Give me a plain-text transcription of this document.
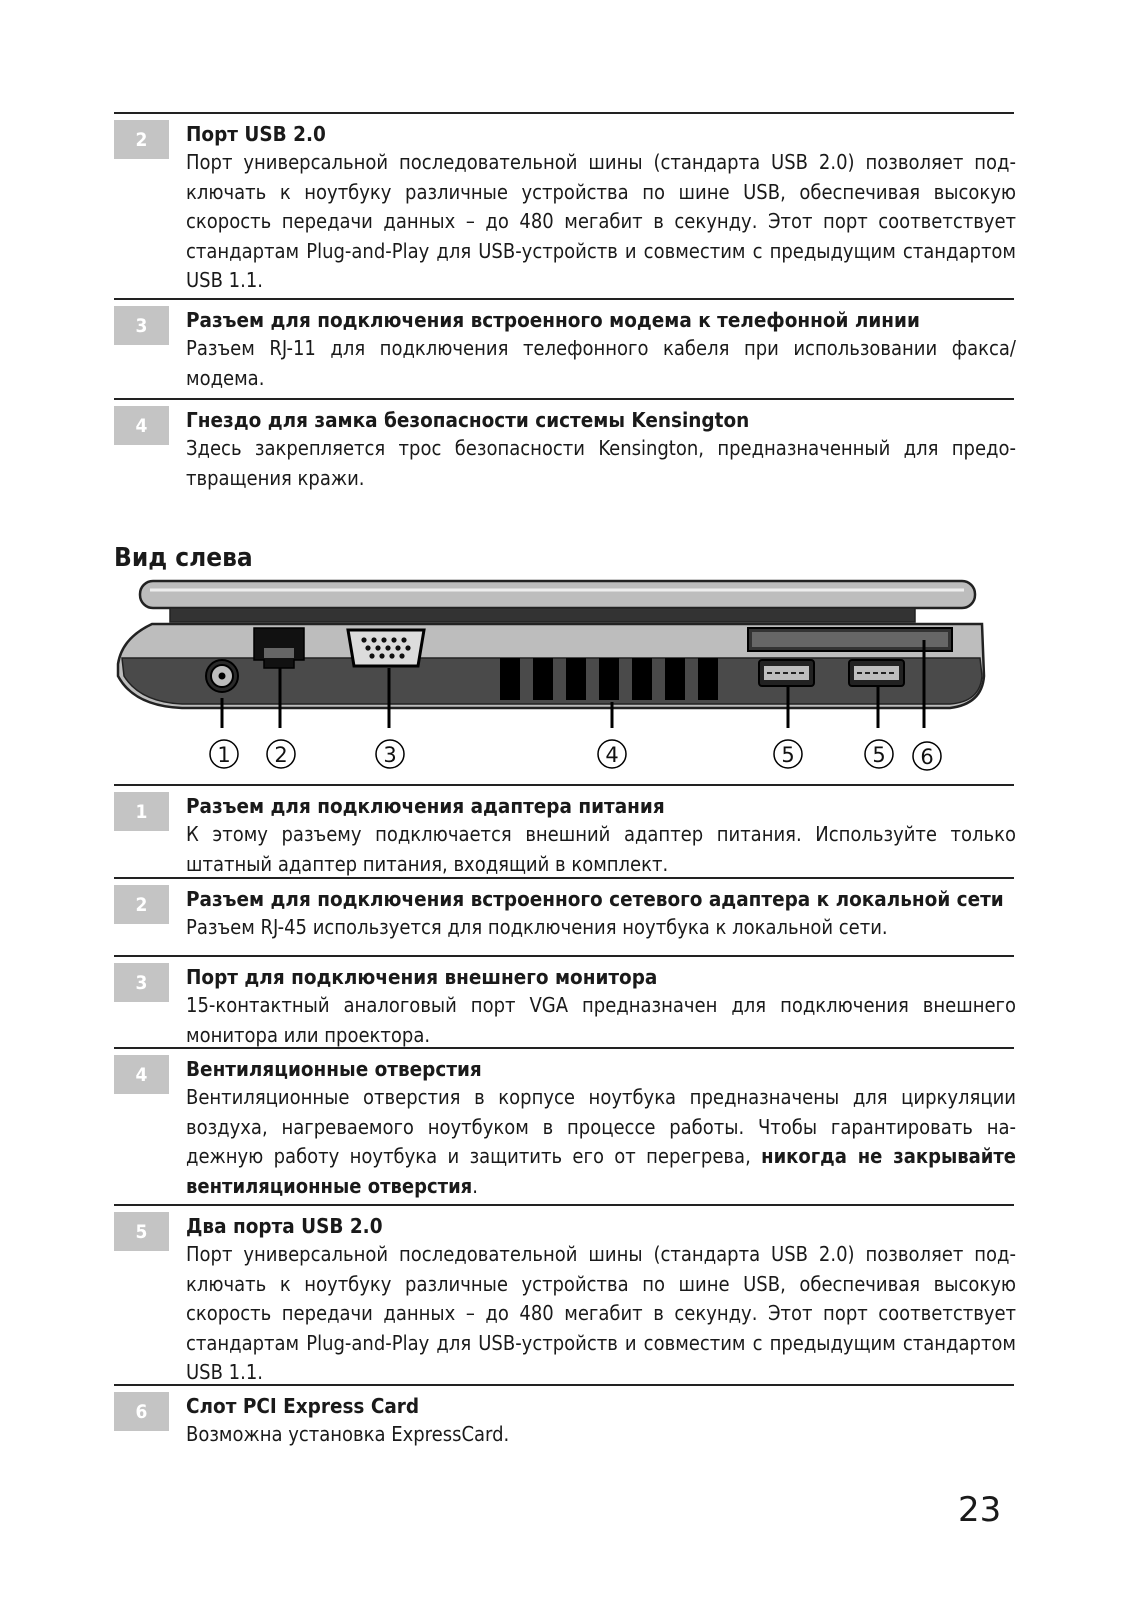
2	Порт USB 2.0
Порт универсальной последовательной шины (стандарта USB 2.0) позволяет подключать к ноутбуку различные устройства по шине USB, обеспечивая высокую скорость передачи данных – до 480 мегабит в секунду. Этот порт соответствует стандартам Plug-and-Play для USB-устройств и совместим с предыдущим стандартом USB 1.1.
3	Разъем для подключения встроенного модема к телефонной линии
Разъем RJ-11 для подключения телефонного кабеля при использовании факса/модема.
4	Гнездо для замка безопасности системы Kensington
Здесь закрепляется трос безопасности Kensington, предназначенный для предотвращения кражи.
Вид слева
1 2	3	4	5	5 6
1	Разъем для подключения адаптера питания
К этому разъему подключается внешний адаптер питания. Используйте только штатный адаптер питания, входящий в комплект.
2	Разъем для подключения встроенного сетевого адаптера к локальной сети
Разъем RJ-45 используется для подключения ноутбука к локальной сети.
3	Порт для подключения внешнего монитора
15-контактный аналоговый порт VGA предназначен для подключения внешнего монитора или проектора.
4	Вентиляционные отверстия
Вентиляционные отверстия в корпусе ноутбука предназначены для циркуляции воздуха, нагреваемого ноутбуком в процессе работы. Чтобы гарантировать надежную работу ноутбука и защитить его от перегрева, никогда не закрывайте вентиляционные отверстия.
5	Два порта USB 2.0
Порт универсальной последовательной шины (стандарта USB 2.0) позволяет подключать к ноутбуку различные устройства по шине USB, обеспечивая высокую скорость передачи данных – до 480 мегабит в секунду. Этот порт соответствует стандартам Plug-and-Play для USB-устройств и совместим с предыдущим стандартом USB 1.1.
6	Слот PCI Express Card
Возможна установка ExpressCard.
23
